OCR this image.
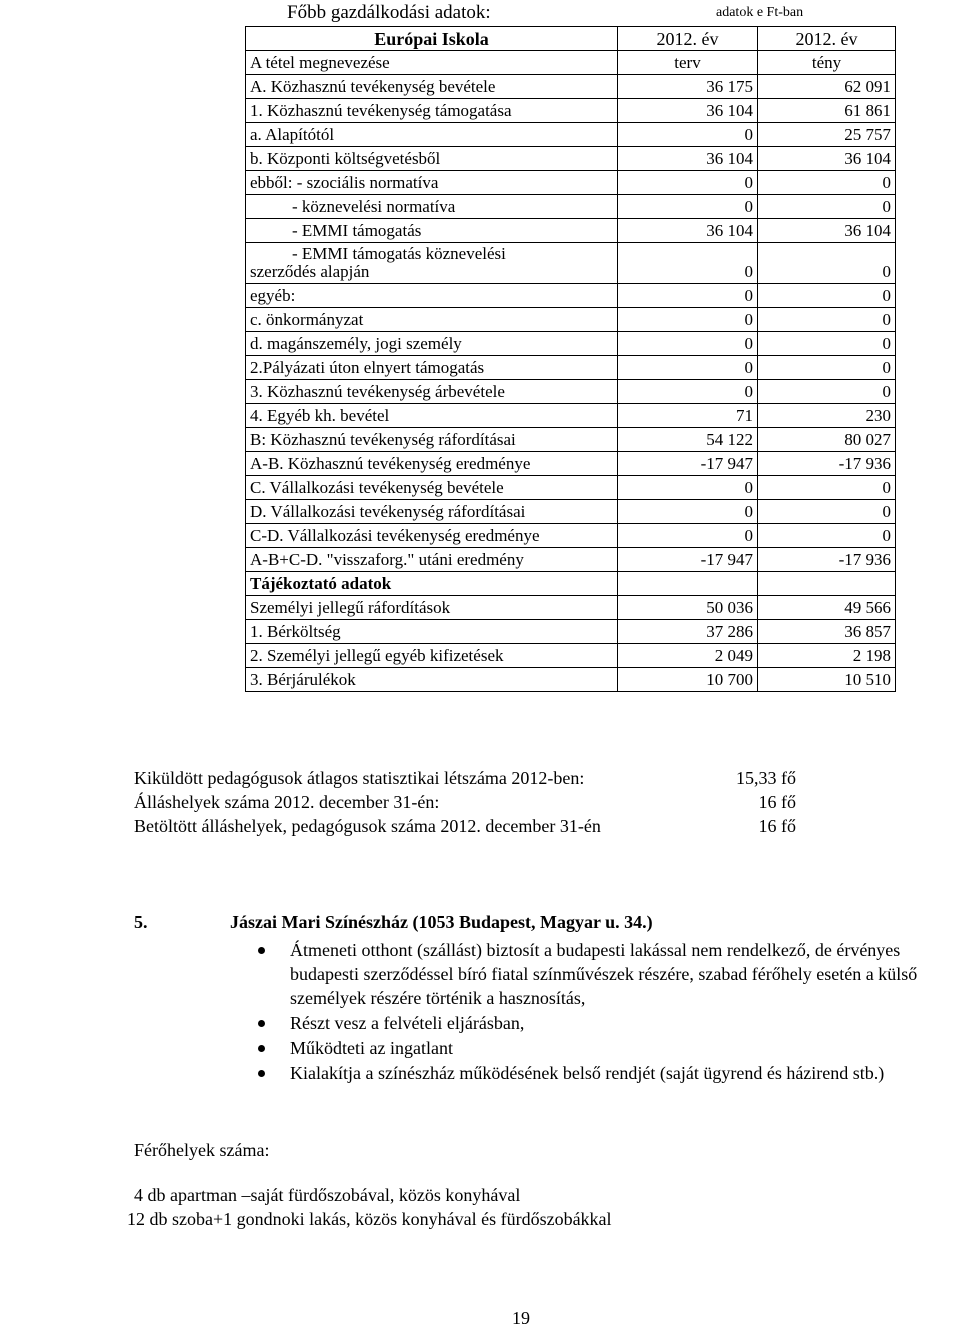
Főbb gazdálkodási adatok:	adatok e Ft-ban
Európai Iskola	2012. év	2012. év
A tétel megnevezése	terv	tény
A. Közhasznú tevékenység bevétele	36 175	62 091
1. Közhasznú tevékenység támogatása	36 104	61 861
a. Alapítótól	0	25 757
b. Központi költségvetésből	36 104	36 104
ebből: - szociális normatíva	0	0
- köznevelési normatíva	0	0
- EMMI támogatás	36 104	36 104

- EMMI támogatás köznevelési
szerződés alapján	0	0
egyéb:	0	0
c. önkormányzat	0	0
d. magánszemély, jogi személy	0	0
2.Pályázati úton elnyert támogatás	0	0
3. Közhasznú tevékenység árbevétele	0	0
4. Egyéb kh. bevétel	71	230
B: Közhasznú tevékenység ráfordításai	54 122	80 027
A-B. Közhasznú tevékenység eredménye	-17 947	-17 936
C. Vállalkozási tevékenység bevétele	0	0
D. Vállalkozási tevékenység ráfordításai	0	0
C-D. Vállalkozási tevékenység eredménye	0	0
A-B+C-D. "visszaforg." utáni eredmény	-17 947	-17 936
Tájékoztató adatok		
Személyi jellegű ráfordítások	50 036	49 566
1. Bérköltség	37 286	36 857
2. Személyi jellegű egyéb kifizetések	2 049	2 198
3. Bérjárulékok	10 700	10 510
Kiküldött pedagógusok átlagos statisztikai létszáma 2012-ben:	15,33 fő
Álláshelyek száma 2012. december 31-én:	16 fő
Betöltött álláshelyek, pedagógusok száma 2012. december 31-én	16 fő
5.	Jászai Mari Színészház (1053 Budapest, Magyar u. 34.)
Átmeneti otthont (szállást) biztosít a budapesti lakással nem rendelkező, de érvényes budapesti szerződéssel bíró fiatal színművészek részére, szabad férőhely esetén a külső személyek részére történik a hasznosítás,
Részt vesz a felvételi eljárásban,
Működteti az ingatlant
Kialakítja a színészház működésének belső rendjét (saját ügyrend és házirend stb.)
Férőhelyek száma:
4 db apartman –saját fürdőszobával, közös konyhával
12 db szoba+1 gondnoki lakás, közös konyhával és fürdőszobákkal
19
